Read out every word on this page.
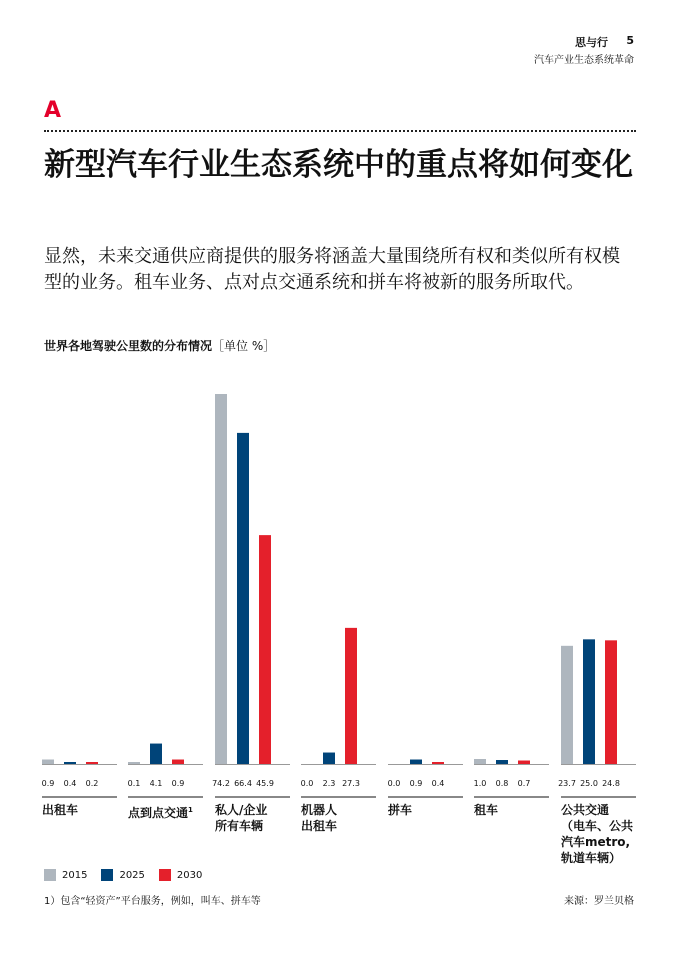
思与行 5
汽车产业生态系统革命
A
新型汽车行业生态系统中的重点将如何变化

显然，未来交通供应商提供的服务将涵盖大量围绕所有权和类似所有权模型的业务。租车业务、点对点交通系统和拼车将被新的服务所取代。

世界各地驾驶公里数的分布情况［单位 %］
0.9 0.4 0.2	0.1 4.1 0.9	74.2 66.4 45.9	0.0 2.3 27.3	0.0 0.9 0.4	1.0 0.8 0.7	23.7 25.0 24.8
出租车	点到点交通$^1$	私人/企业
所有车辆
机器人
出租车
拼车	租车	公共交通
（电车、公共
汽车metro,
轨道车辆）
2015	2025	2030
1）包含“轻资产”平台服务，例如，叫车、拼车等	来源：罗兰贝格
